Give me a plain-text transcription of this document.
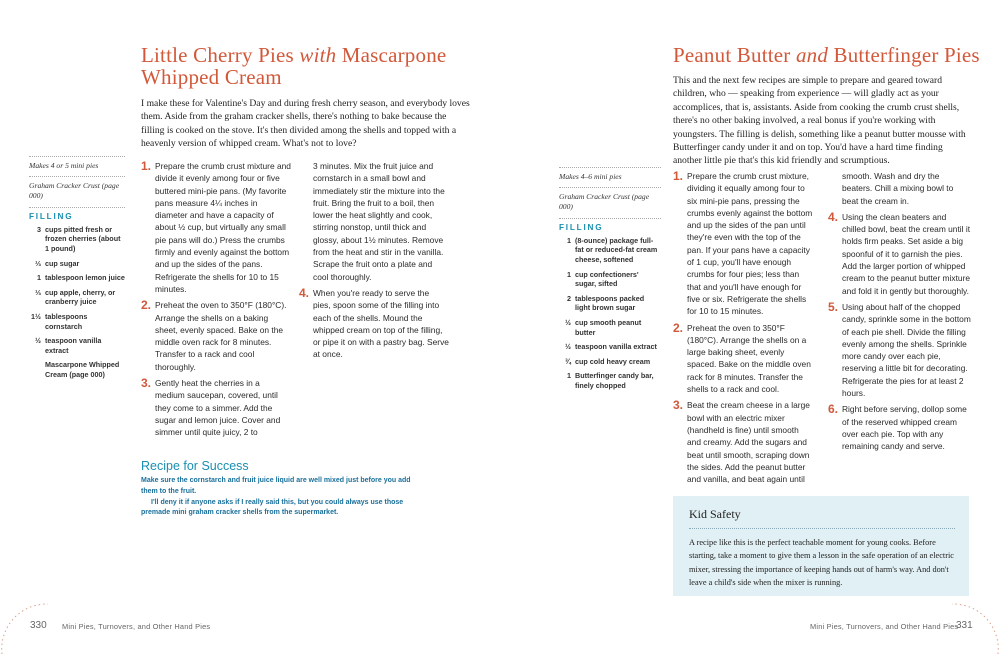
Little Cherry Pies with Mascarpone
Whipped Cream

I make these for Valentine's Day and during fresh cherry season, and everybody loves them. Aside from the graham cracker shells, there's nothing to bake because the filling is cooked on the stove. It's then divided among the shells and topped with a heavenly version of whipped cream. What's not to love?

Makes 4 or 5 mini pies
Graham Cracker Crust (page 000)
FILLING
3 cups pitted fresh or frozen cherries (about 1 pound)
⅓ cup sugar
1 tablespoon lemon juice
⅓ cup apple, cherry, or cranberry juice
1½ tablespoons cornstarch
½ teaspoon vanilla extract
Mascarpone Whipped Cream (page 000)
1. Prepare the crumb crust mixture and divide it evenly among four or five buttered mini-pie pans. (My favorite pans measure 4¼ inches in diameter and have a capacity of about ½ cup, but virtually any small pie pans will do.) Press the crumbs firmly and evenly against the bottom and up the sides of the pans. Refrigerate the shells for 10 to 15 minutes.
2. Preheat the oven to 350°F (180°C). Arrange the shells on a baking sheet, evenly spaced. Bake on the middle oven rack for 8 minutes. Transfer to a rack and cool thoroughly.
3. Gently heat the cherries in a medium saucepan, covered, until they come to a simmer. Add the sugar and lemon juice. Cover and simmer until quite juicy, 2 to
3 minutes. Mix the fruit juice and cornstarch in a small bowl and immediately stir the mixture into the fruit. Bring the fruit to a boil, then lower the heat slightly and cook, stirring nonstop, until thick and glossy, about 1½ minutes. Remove from the heat and stir in the vanilla. Scrape the fruit onto a plate and cool thoroughly.
4. When you're ready to serve the pies, spoon some of the filling into each of the shells. Mound the whipped cream on top of the filling, or pipe it on with a pastry bag. Serve at once.
Recipe for Success

Make sure the cornstarch and fruit juice liquid are well mixed just before you add them to the fruit.

I'll deny it if anyone asks if I really said this, but you could always use those premade mini graham cracker shells from the supermarket.

330 Mini Pies, Turnovers, and Other Hand Pies
Peanut Butter and Butterfinger Pies

This and the next few recipes are simple to prepare and geared toward children, who — speaking from experience — will gladly act as your accomplices, that is, assistants. Aside from cooking the crumb crust shells, there's no other baking involved, a real bonus if you're working with youngsters. The filling is delish, something like a peanut butter mousse with Butterfinger candy under it and on top. You'd have a hard time finding another little pie that's this kid friendly and scrumptious.

Makes 4–6 mini pies
Graham Cracker Crust (page 000)
FILLING
1 (8-ounce) package full-fat or reduced-fat cream cheese, softened
1 cup confectioners' sugar, sifted
2 tablespoons packed light brown sugar
½ cup smooth peanut butter
½ teaspoon vanilla extract
¾ cup cold heavy cream
1 Butterfinger candy bar, finely chopped
1. Prepare the crumb crust mixture, dividing it equally among four to six mini-pie pans, pressing the crumbs evenly against the bottom and up the sides of the pan until they're even with the top of the pan. If your pans have a capacity of 1 cup, you'll have enough crumbs for four pies; less than that and you'll have enough for five or six. Refrigerate the shells for 10 to 15 minutes.
2. Preheat the oven to 350°F (180°C). Arrange the shells on a large baking sheet, evenly spaced. Bake on the middle oven rack for 8 minutes. Transfer the shells to a rack and cool.
3. Beat the cream cheese in a large bowl with an electric mixer (handheld is fine) until smooth and creamy. Add the sugars and beat until smooth, scraping down the sides. Add the peanut butter and vanilla, and beat again until
smooth. Wash and dry the beaters. Chill a mixing bowl to beat the cream in.
4. Using the clean beaters and chilled bowl, beat the cream until it holds firm peaks. Set aside a big spoonful of it to garnish the pies. Add the larger portion of whipped cream to the peanut butter mixture and fold it in gently but thoroughly.
5. Using about half of the chopped candy, sprinkle some in the bottom of each pie shell. Divide the filling evenly among the shells. Sprinkle more candy over each pie, reserving a little bit for decorating. Refrigerate the pies for at least 2 hours.
6. Right before serving, dollop some of the reserved whipped cream over each pie. Top with any remaining candy and serve.
Kid Safety
A recipe like this is the perfect teachable moment for young cooks. Before starting, take a moment to give them a lesson in the safe operation of an electric mixer, stressing the importance of keeping hands out of harm's way. And don't leave a child's side when the mixer is running.
Mini Pies, Turnovers, and Other Hand Pies
331
